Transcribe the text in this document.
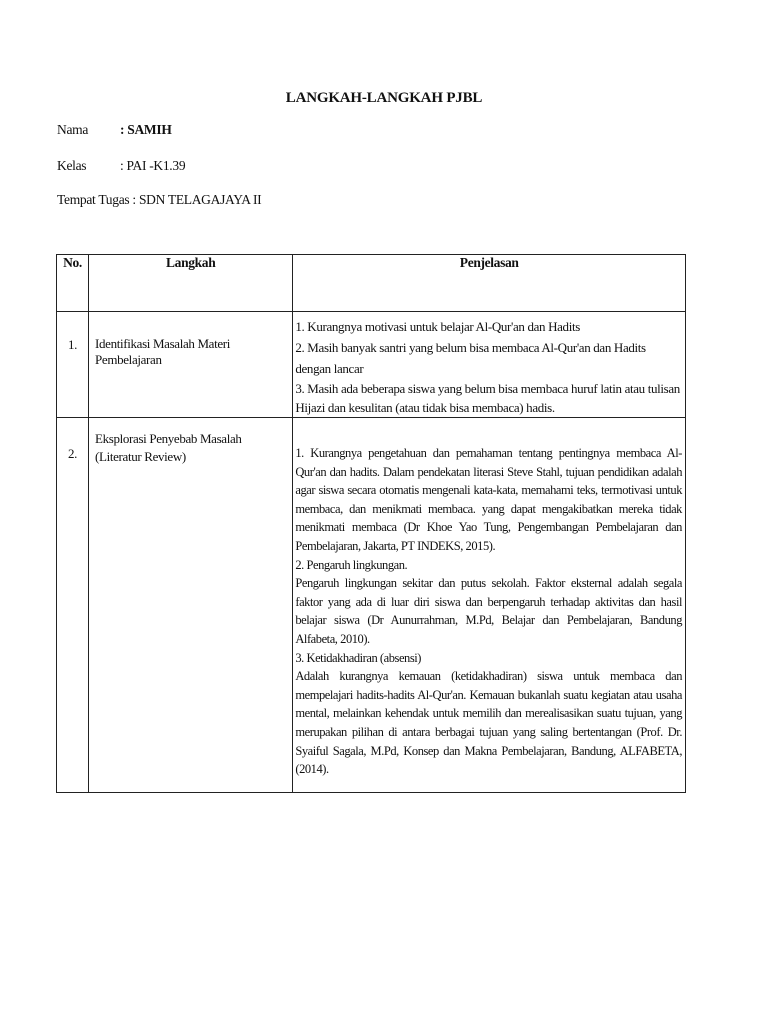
LANGKAH-LANGKAH PJBL
Nama : SAMIH
Kelas	: PAI -K1.39
Tempat Tugas : SDN TELAGAJAYA II
No.	Langkah	Penjelasan

1.	Identifikasi Masalah Materi Pembelajaran	1. Kurangnya motivasi untuk belajar Al-Qur'an dan Hadits

2. Masih banyak santri yang belum bisa membaca Al-Qur'an dan Hadits dengan lancar

3. Masih ada beberapa siswa yang belum bisa membaca huruf latin atau tulisan Hijazi dan kesulitan (atau tidak bisa membaca) hadis.

2.	Eksplorasi Penyebab Masalah (Literatur Review)	1. Kurangnya pengetahuan dan pemahaman tentang pentingnya membaca Al-Qur'an dan hadits. Dalam pendekatan literasi Steve Stahl, tujuan pendidikan adalah agar siswa secara otomatis mengenali kata-kata, memahami teks, termotivasi untuk membaca, dan menikmati membaca. yang dapat mengakibatkan mereka tidak menikmati membaca (Dr Khoe Yao Tung, Pengembangan Pembelajaran dan Pembelajaran, Jakarta, PT INDEKS, 2015).

2. Pengaruh lingkungan.

Pengaruh lingkungan sekitar dan putus sekolah. Faktor eksternal adalah segala faktor yang ada di luar diri siswa dan berpengaruh terhadap aktivitas dan hasil belajar siswa (Dr Aunurrahman, M.Pd, Belajar dan Pembelajaran, Bandung Alfabeta, 2010).

3. Ketidakhadiran (absensi)

Adalah kurangnya kemauan (ketidakhadiran) siswa untuk membaca dan mempelajari hadits-hadits Al-Qur'an. Kemauan bukanlah suatu kegiatan atau usaha mental, melainkan kehendak untuk memilih dan merealisasikan suatu tujuan, yang merupakan pilihan di antara berbagai tujuan yang saling bertentangan (Prof. Dr. Syaiful Sagala, M.Pd, Konsep dan Makna Pembelajaran, Bandung, ALFABETA, (2014).
